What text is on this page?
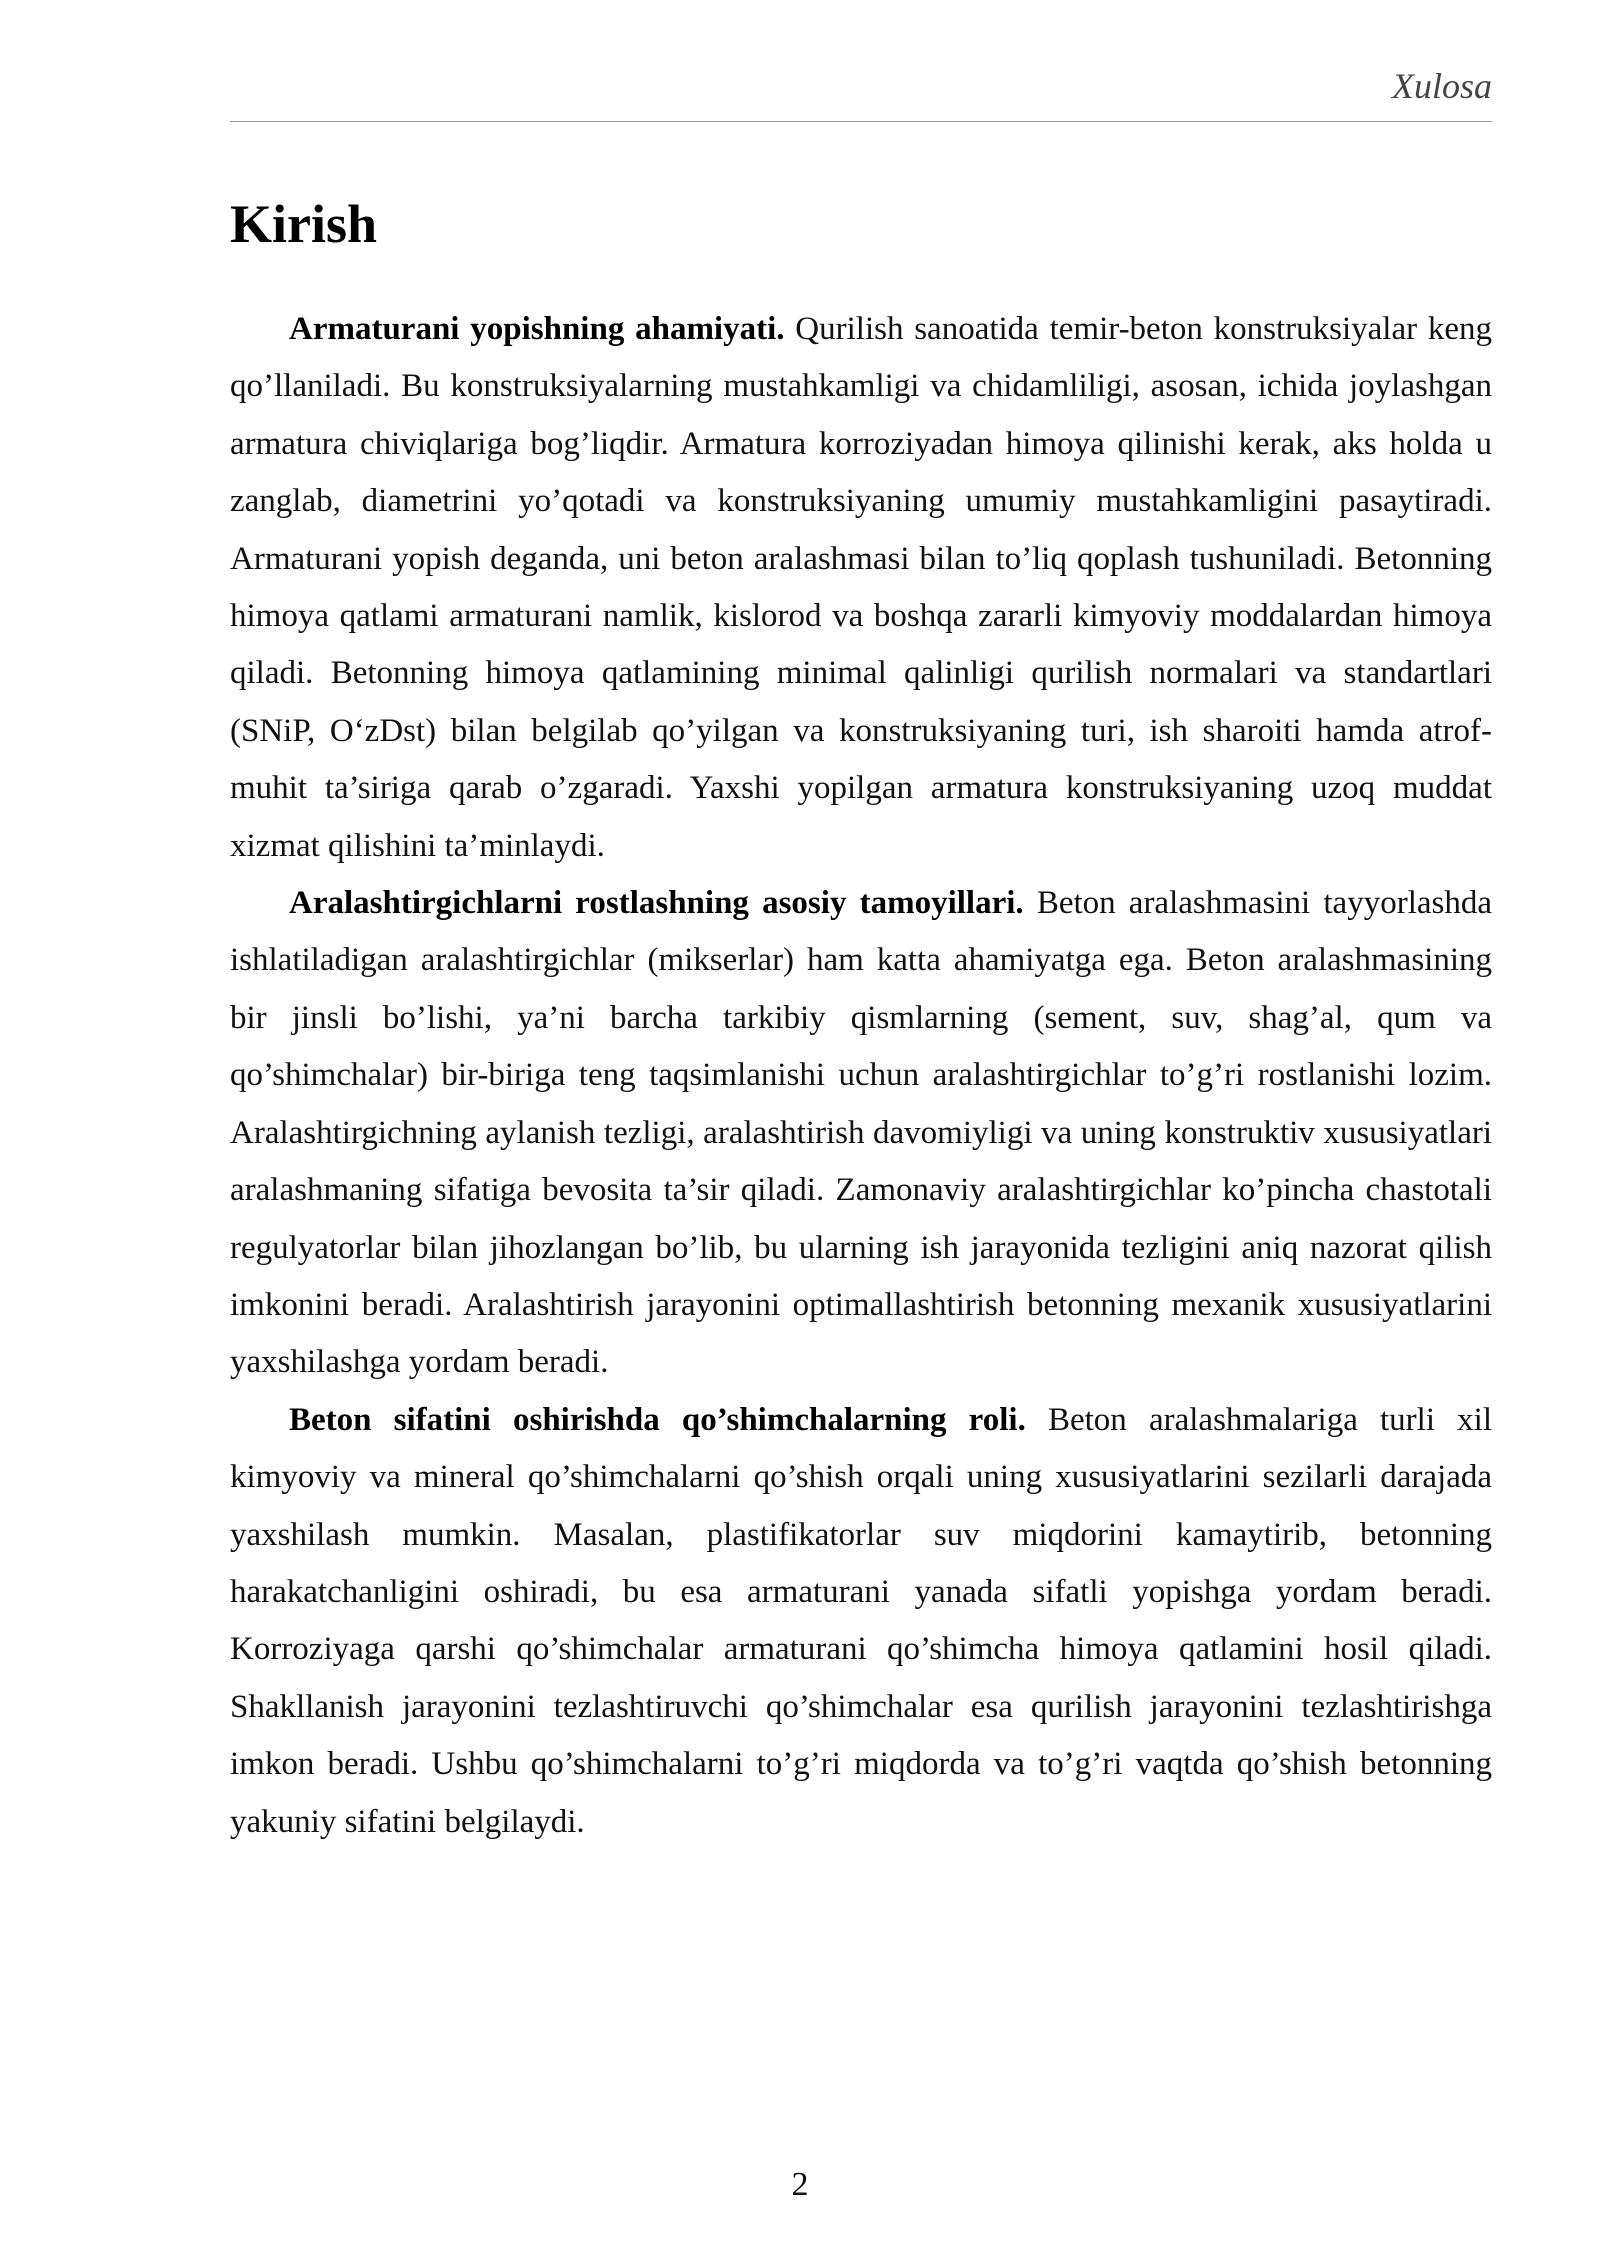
Xulosa
Kirish

Armaturani yopishning ahamiyati. Qurilish sanoatida temir-beton konstruksiyalar keng qo’llaniladi. Bu konstruksiyalarning mustahkamligi va chidamliligi, asosan, ichida joylashgan armatura chiviqlariga bog’liqdir. Armatura korroziyadan himoya qilinishi kerak, aks holda u zanglab, diametrini yo’qotadi va konstruksiyaning umumiy mustahkamligini pasaytiradi. Armaturani yopish deganda, uni beton aralashmasi bilan to’liq qoplash tushuniladi. Betonning himoya qatlami armaturani namlik, kislorod va boshqa zararli kimyoviy moddalardan himoya qiladi. Betonning himoya qatlamining minimal qalinligi qurilish normalari va standartlari (SNiP, O‘zDst) bilan belgilab qo’yilgan va konstruksiyaning turi, ish sharoiti hamda atrof-muhit ta’siriga qarab o’zgaradi. Yaxshi yopilgan armatura konstruksiyaning uzoq muddat xizmat qilishini ta’minlaydi.

Aralashtirgichlarni rostlashning asosiy tamoyillari. Beton aralashmasini tayyorlashda ishlatiladigan aralashtirgichlar (mikserlar) ham katta ahamiyatga ega. Beton aralashmasining bir jinsli bo’lishi, ya’ni barcha tarkibiy qismlarning (sement, suv, shag’al, qum va qo’shimchalar) bir-biriga teng taqsimlanishi uchun aralashtirgichlar to’g’ri rostlanishi lozim. Aralashtirgichning aylanish tezligi, aralashtirish davomiyligi va uning konstruktiv xususiyatlari aralashmaning sifatiga bevosita ta’sir qiladi. Zamonaviy aralashtirgichlar ko’pincha chastotali regulyatorlar bilan jihozlangan bo’lib, bu ularning ish jarayonida tezligini aniq nazorat qilish imkonini beradi. Aralashtirish jarayonini optimallashtirish betonning mexanik xususiyatlarini yaxshilashga yordam beradi.

Beton sifatini oshirishda qo’shimchalarning roli. Beton aralashmalariga turli xil kimyoviy va mineral qo’shimchalarni qo’shish orqali uning xususiyatlarini sezilarli darajada yaxshilash mumkin. Masalan, plastifikatorlar suv miqdorini kamaytirib, betonning harakatchanligini oshiradi, bu esa armaturani yanada sifatli yopishga yordam beradi. Korroziyaga qarshi qo’shimchalar armaturani qo’shimcha himoya qatlamini hosil qiladi. Shakllanish jarayonini tezlashtiruvchi qo’shimchalar esa qurilish jarayonini tezlashtirishga imkon beradi. Ushbu qo’shimchalarni to’g’ri miqdorda va to’g’ri vaqtda qo’shish betonning yakuniy sifatini belgilaydi.

2
